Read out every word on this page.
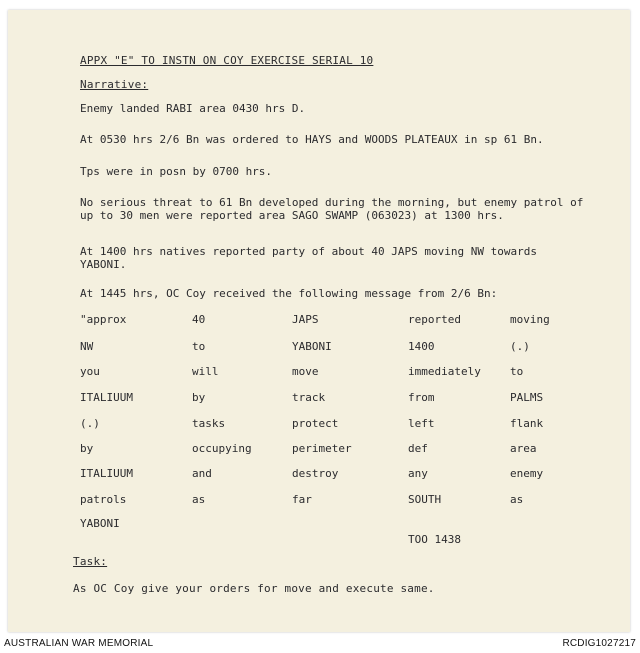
APPX "E" TO INSTN ON COY EXERCISE SERIAL 10
Narrative:
Enemy landed RABI area 0430 hrs D.
At 0530 hrs 2/6 Bn was ordered to HAYS and WOODS PLATEAUX in sp 61 Bn.
Tps were in posn by 0700 hrs.
No serious threat to 61 Bn developed during the morning, but enemy patrol of up to 30 men were reported area SAGO SWAMP (063023) at 1300 hrs.
At 1400 hrs natives reported party of about 40 JAPS moving NW towards YABONI.
At 1445 hrs, OC Coy received the following message from 2/6 Bn:
"approx	40	JAPS	reported	moving
NW	to	YABONI	1400	(.)
you	will	move	immediately	to
ITALIUUM	by	track	from	PALMS
(.)	tasks	protect	left	flank
by	occupying	perimeter	def	area
ITALIUUM	and	destroy	any	enemy
patrols	as	far	SOUTH	as
YABONI
TOO 1438
Task:
As OC Coy give your orders for move and execute same.
AUSTRALIAN WAR MEMORIAL	RCDIG1027217
